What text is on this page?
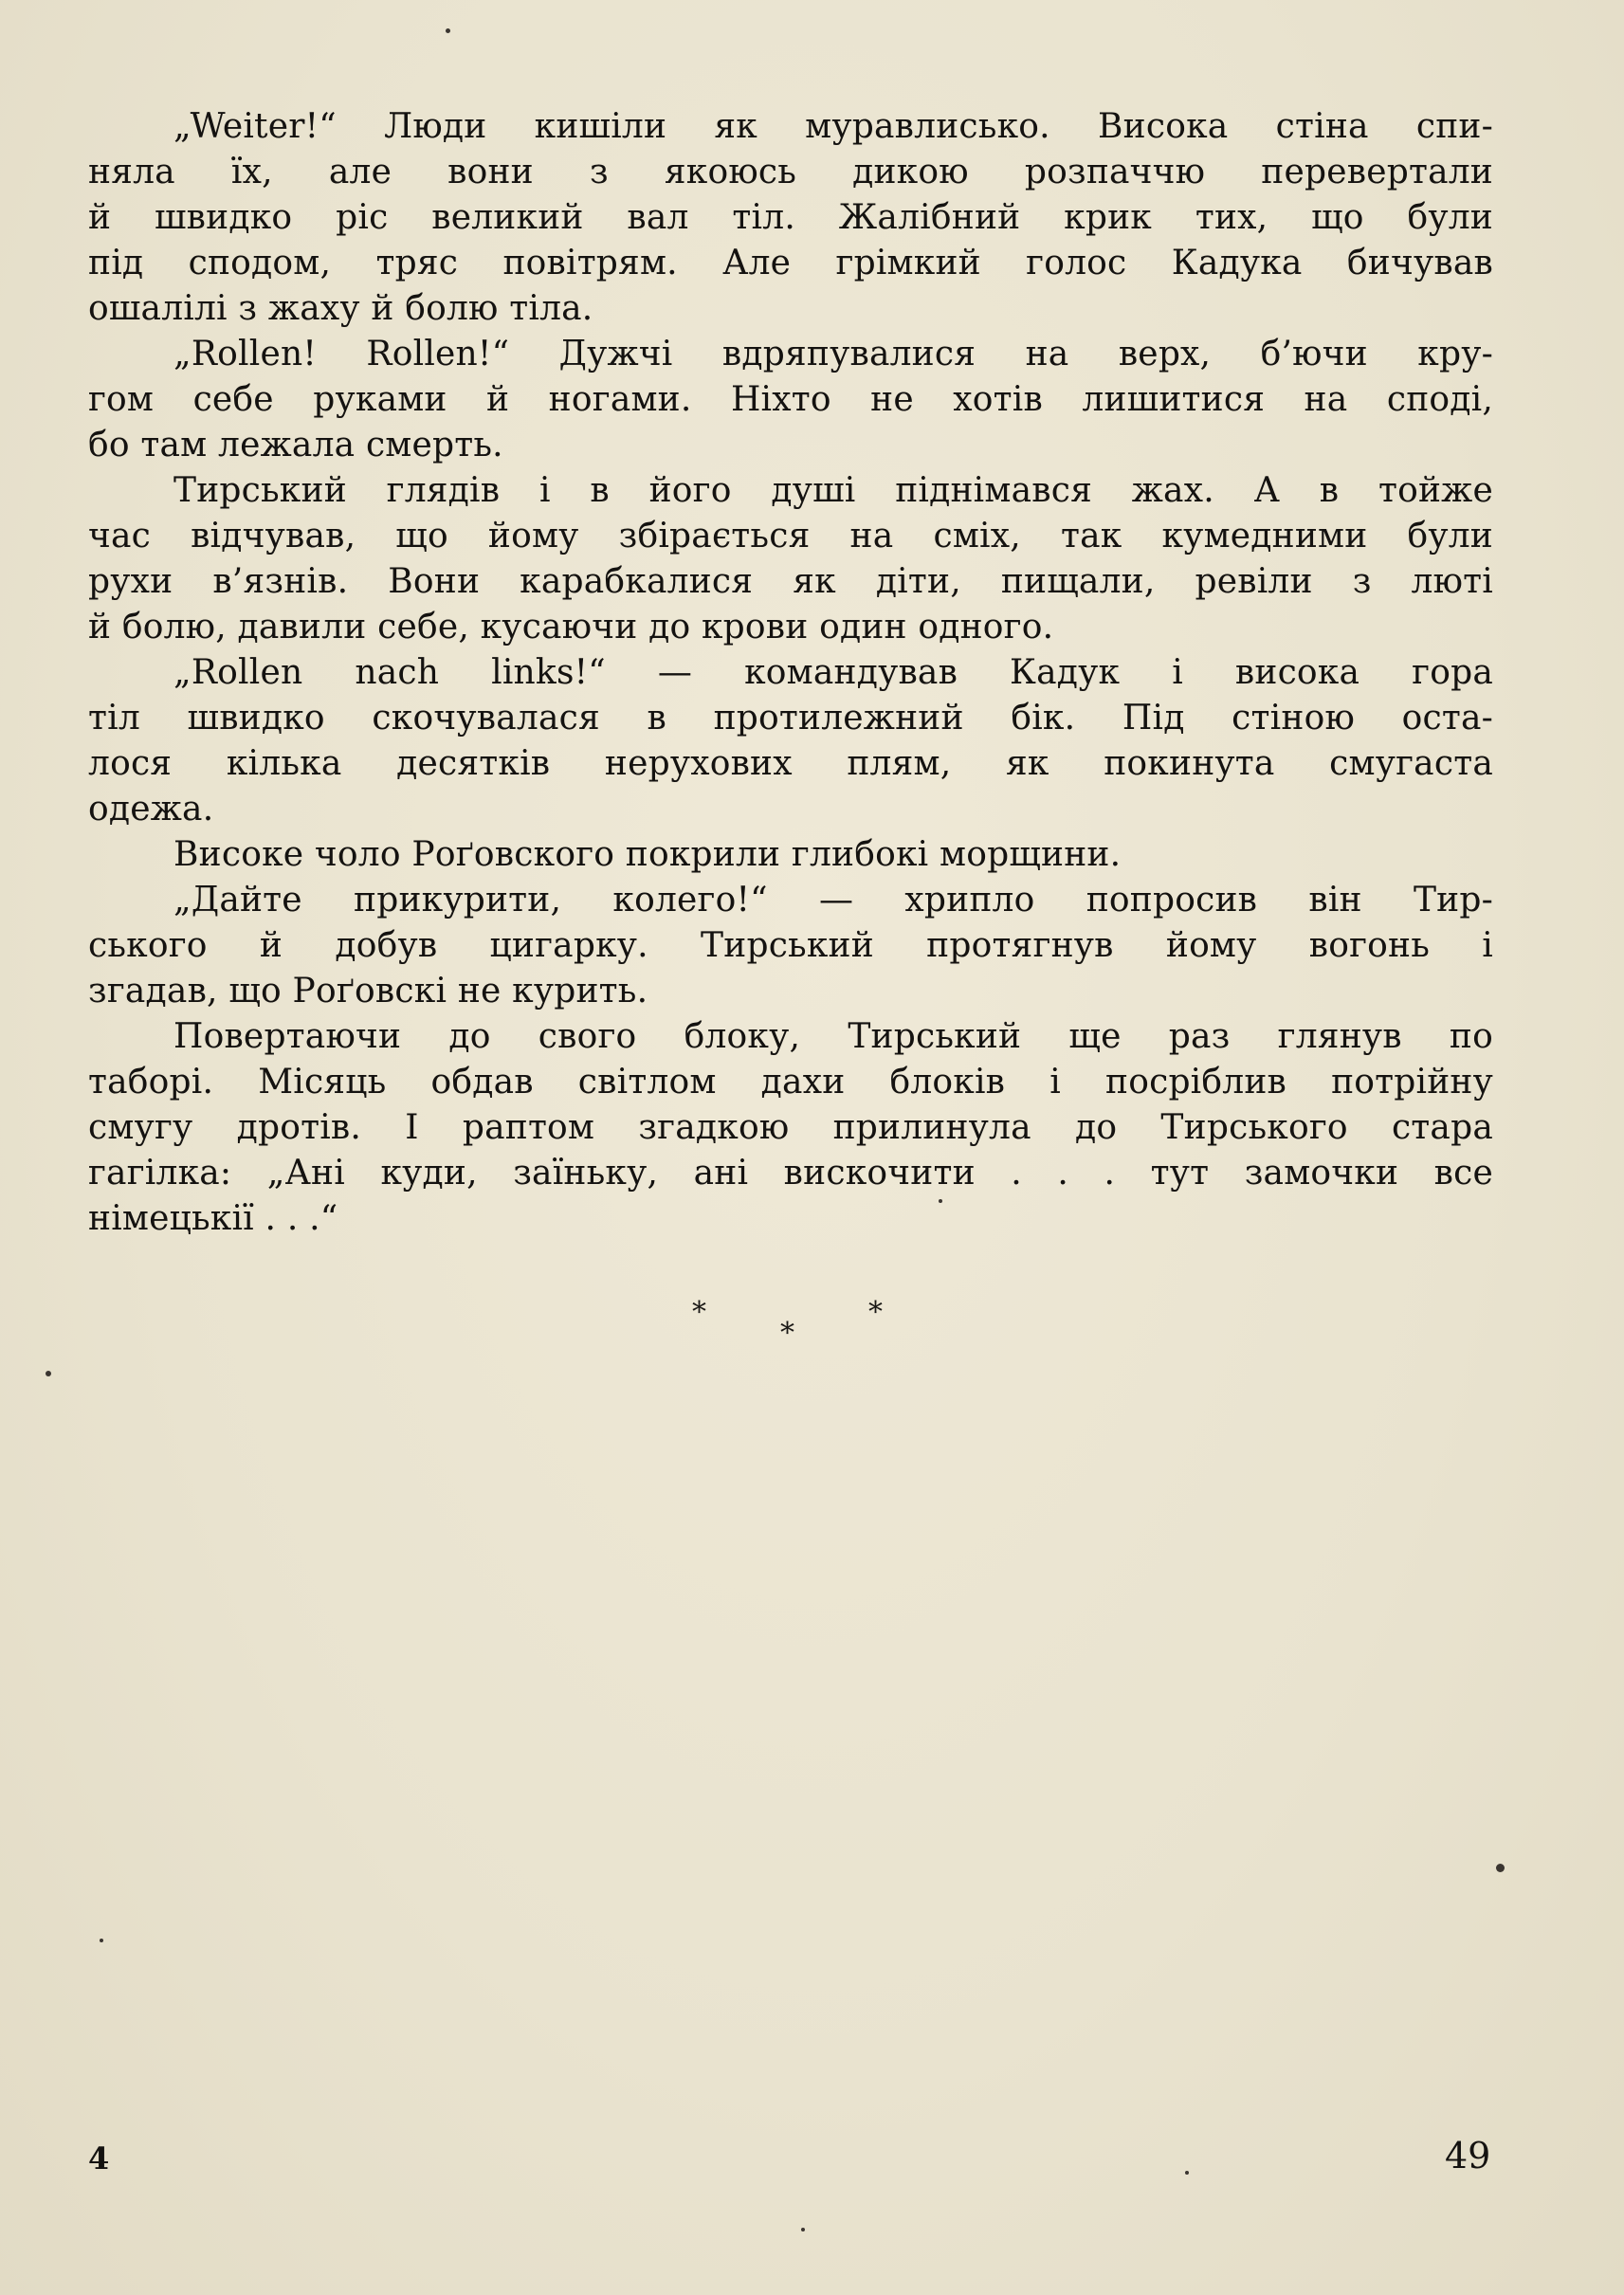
„Weiter!“ Люди кишіли як муравлисько. Висока стіна спи-
няла їх, але вони з якоюсь дикою розпаччю перевертали
й швидко ріс великий вал тіл. Жалібний крик тих, що були
під сподом, тряс повітрям. Але грімкий голос Кадука бичував
ошалілі з жаху й болю тіла.
„Rollen! Rollen!“ Дужчі вдряпувалися на верх, б’ючи кру-
гом себе руками й ногами. Ніхто не хотів лишитися на споді,
бо там лежала смерть.
Тирський глядів і в його душі піднімався жах. А в тойже
час відчував, що йому збірається на сміх, так кумедними були
рухи в’язнів. Вони карабкалися як діти, пищали, ревіли з люті
й болю, давили себе, кусаючи до крови один одного.
„Rollen nach links!“ — командував Кадук і висока гора
тіл швидко скочувалася в протилежний бік. Під стіною оста-
лося кілька десятків нерухових плям, як покинута смугаста
одежа.
Високе чоло Роґовского покрили глибокі морщини.
„Дайте прикурити, колего!“ — хрипло попросив він Тир-
ського й добув цигарку. Тирський протягнув йому вогонь і
згадав, що Роґовскі не курить.
Повертаючи до свого блоку, Тирський ще раз глянув по
таборі. Місяць обдав світлом дахи блоків і посріблив потрійну
смугу дротів. І раптом згадкою прилинула до Тирського стара
гагілка: „Ані куди, заїньку, ані вискочити . . . тут замочки все
німецькії . . .“
*
*
*
4	49
